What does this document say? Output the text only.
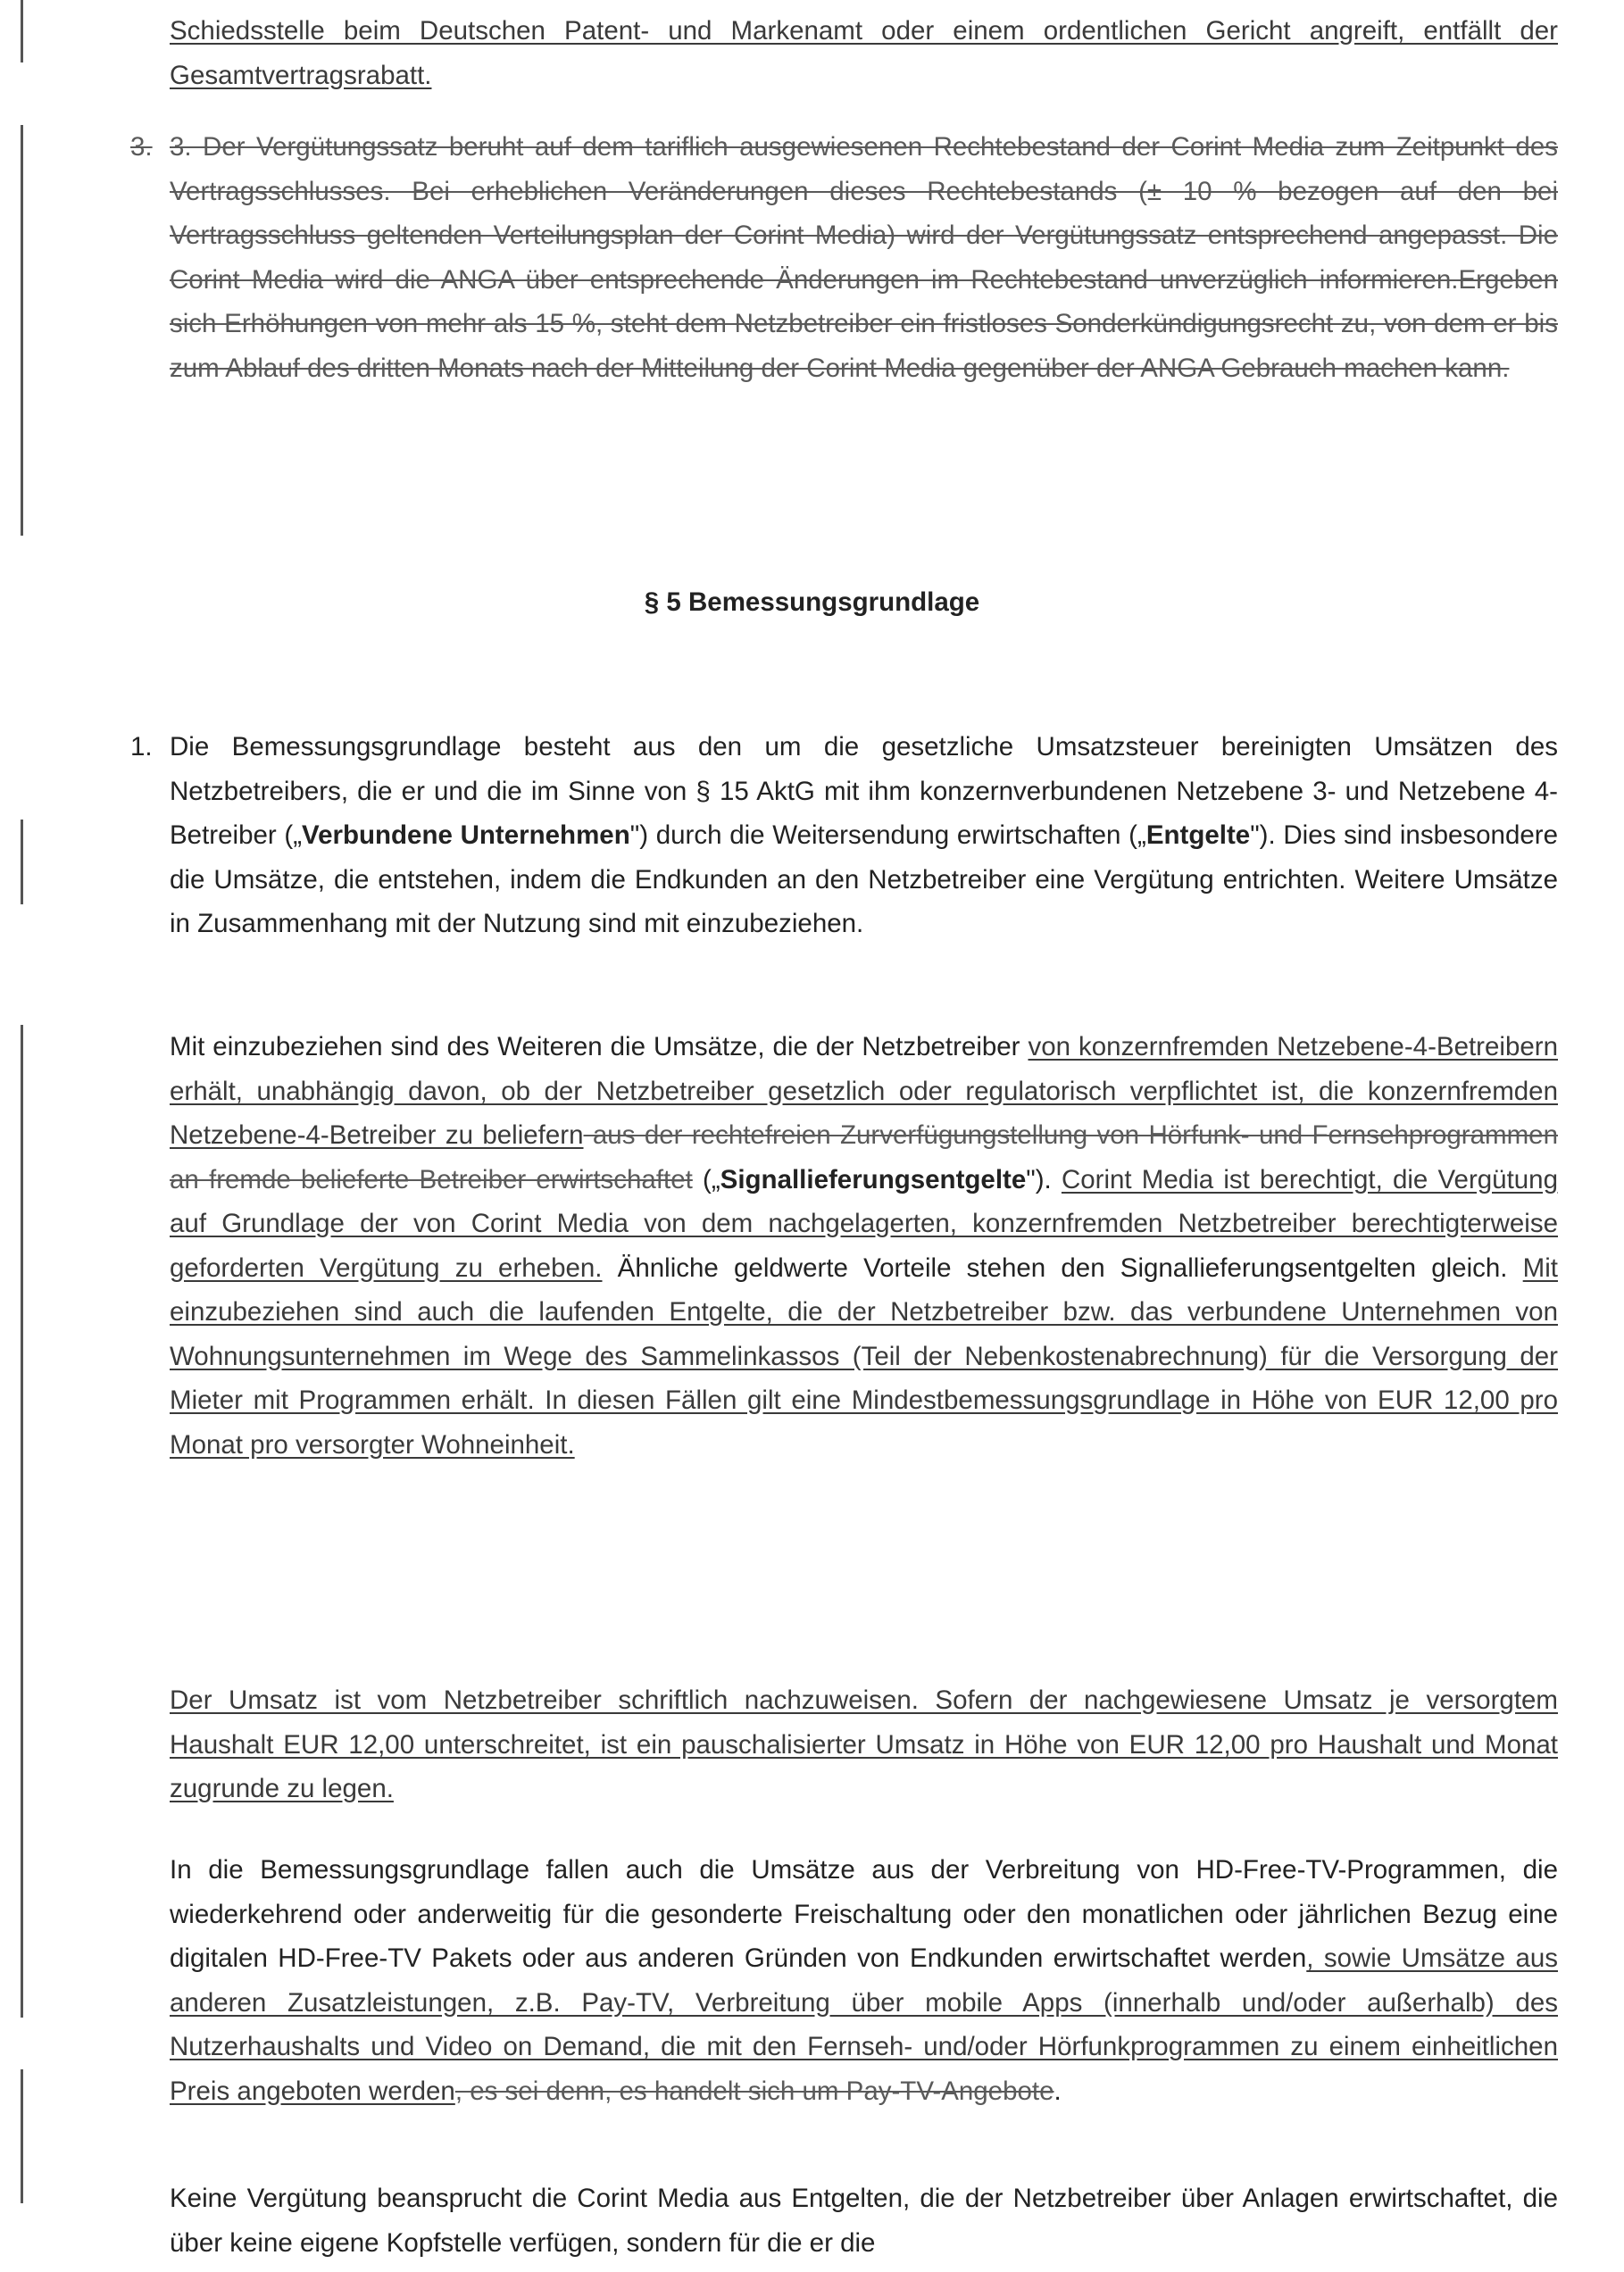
Schiedsstelle beim Deutschen Patent- und Markenamt oder einem ordentlichen Gericht angreift, entfällt der Gesamtvertragsrabatt.

3. 3. Der Vergütungssatz beruht auf dem tariflich ausgewiesenen Rechtebestand der Corint Media zum Zeitpunkt des Vertragsschlusses. Bei erheblichen Veränderungen dieses Rechtebestands (± 10 % bezogen auf den bei Vertragsschluss geltenden Verteilungsplan der Corint Media) wird der Vergütungssatz entsprechend angepasst. Die Corint Media wird die ANGA über entsprechende Änderungen im Rechtebestand unverzüglich informieren.Ergeben sich Erhöhungen von mehr als 15 %, steht dem Netzbetreiber ein fristloses Sonderkündigungsrecht zu, von dem er bis zum Ablauf des dritten Monats nach der Mitteilung der Corint Media gegenüber der ANGA Gebrauch machen kann.

§ 5 Bemessungsgrundlage
1. Die Bemessungsgrundlage besteht aus den um die gesetzliche Umsatzsteuer bereinigten Umsätzen des Netzbetreibers, die er und die im Sinne von § 15 AktG mit ihm konzernverbundenen Netzebene 3- und Netzebene 4-Betreiber („Verbundene Unternehmen") durch die Weitersendung erwirtschaften („Entgelte"). Dies sind insbesondere die Umsätze, die entstehen, indem die Endkunden an den Netzbetreiber eine Vergütung entrichten. Weitere Umsätze in Zusammenhang mit der Nutzung sind mit einzubeziehen.

Mit einzubeziehen sind des Weiteren die Umsätze, die der Netzbetreiber von konzernfremden Netzebene-4-Betreibern erhält, unabhängig davon, ob der Netzbetreiber gesetzlich oder regulatorisch verpflichtet ist, die konzernfremden Netzebene-4-Betreiber zu beliefern aus der rechtefreien Zurverfügungstellung von Hörfunk- und Fernsehprogrammen an fremde belieferte Betreiber erwirtschaftet („Signallieferungsentgelte"). Corint Media ist berechtigt, die Vergütung auf Grundlage der von Corint Media von dem nachgelagerten, konzernfremden Netzbetreiber berechtigterweise geforderten Vergütung zu erheben. Ähnliche geldwerte Vorteile stehen den Signallieferungsentgelten gleich. Mit einzubeziehen sind auch die laufenden Entgelte, die der Netzbetreiber bzw. das verbundene Unternehmen von Wohnungsunternehmen im Wege des Sammelinkassos (Teil der Nebenkostenabrechnung) für die Versorgung der Mieter mit Programmen erhält. In diesen Fällen gilt eine Mindestbemessungsgrundlage in Höhe von EUR 12,00 pro Monat pro versorgter Wohneinheit.

Der Umsatz ist vom Netzbetreiber schriftlich nachzuweisen. Sofern der nachgewiesene Umsatz je versorgtem Haushalt EUR 12,00 unterschreitet, ist ein pauschalisierter Umsatz in Höhe von EUR 12,00 pro Haushalt und Monat zugrunde zu legen.

In die Bemessungsgrundlage fallen auch die Umsätze aus der Verbreitung von HD-Free-TV-Programmen, die wiederkehrend oder anderweitig für die gesonderte Freischaltung oder den monatlichen oder jährlichen Bezug eine digitalen HD-Free-TV Pakets oder aus anderen Gründen von Endkunden erwirtschaftet werden, sowie Umsätze aus anderen Zusatzleistungen, z.B. Pay-TV, Verbreitung über mobile Apps (innerhalb und/oder außerhalb) des Nutzerhaushalts und Video on Demand, die mit den Fernseh- und/oder Hörfunkprogrammen zu einem einheitlichen Preis angeboten werden, es sei denn, es handelt sich um Pay-TV-Angebote.

Keine Vergütung beansprucht die Corint Media aus Entgelten, die der Netzbetreiber über Anlagen erwirtschaftet, die über keine eigene Kopfstelle verfügen, sondern für die er die
